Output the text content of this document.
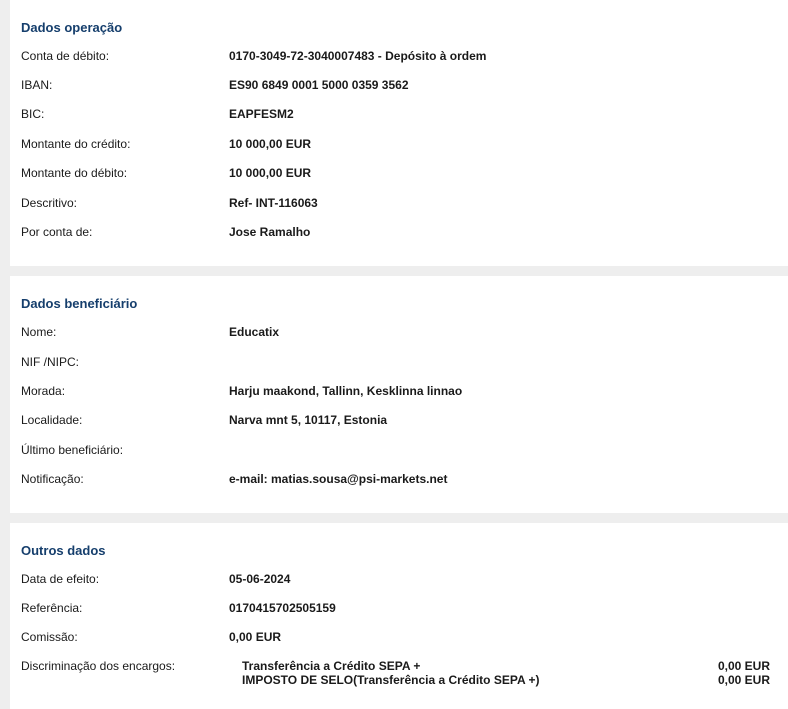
Dados operação
Conta de débito:	0170-3049-72-3040007483 - Depósito à ordem
IBAN:	ES90 6849 0001 5000 0359 3562
BIC:	EAPFESM2
Montante do crédito:	10 000,00 EUR
Montante do débito:	10 000,00 EUR
Descritivo:	Ref- INT-116063
Por conta de:	Jose Ramalho
Dados beneficiário
Nome:	Educatix
NIF /NIPC:
Morada:	Harju maakond, Tallinn, Kesklinna linnao
Localidade:	Narva mnt 5, 10117, Estonia
Último beneficiário:
Notificação:	e-mail: matias.sousa@psi-markets.net
Outros dados
Data de efeito:	05-06-2024
Referência:	0170415702505159
Comissão:	0,00 EUR
Discriminação dos encargos:	Transferência a Crédito SEPA +	0,00 EUR
IMPOSTO DE SELO(Transferência a Crédito SEPA +)	0,00 EUR
